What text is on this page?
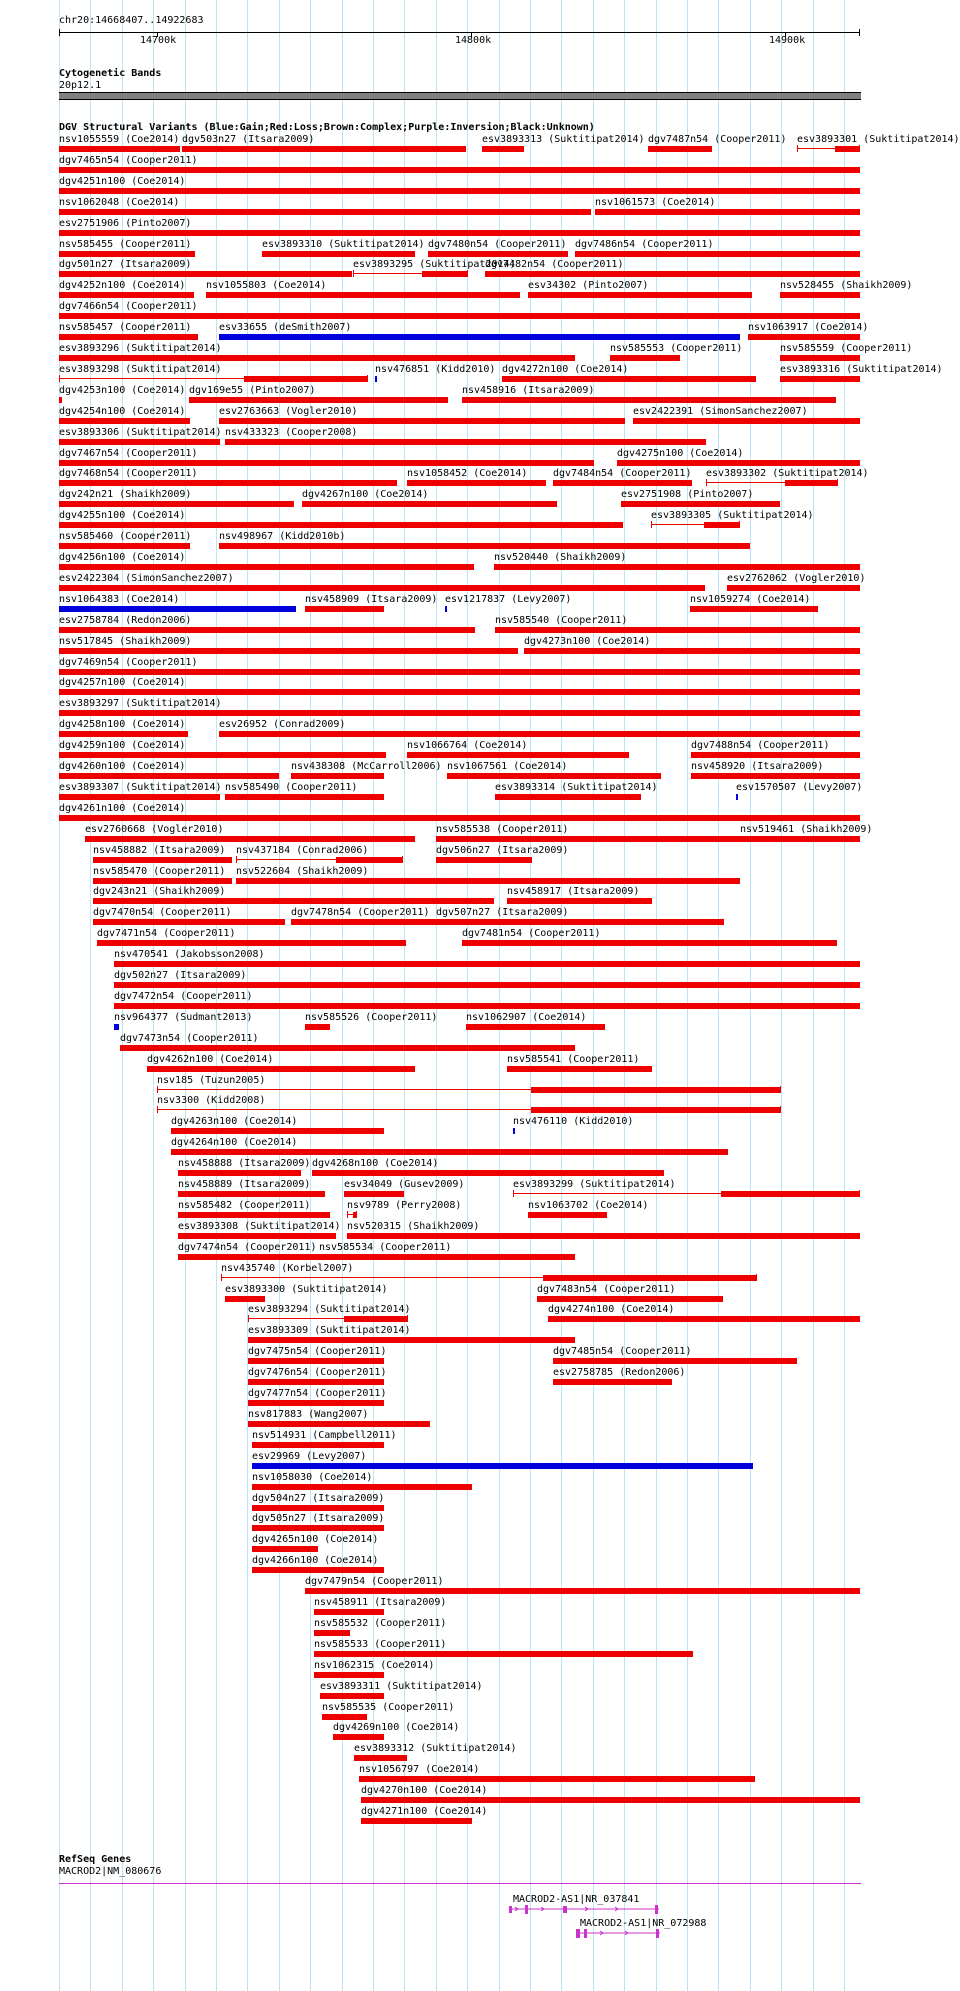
chr20:14668407..14922683
14700k	14800k	14900k
Cytogenetic Bands
20p12.1
DGV Structural Variants (Blue:Gain;Red:Loss;Brown:Complex;Purple:Inversion;Black:Unknown)
nsv1055559 (Coe2014) dgv503n27 (Itsara2009)	esv3893313 (Suktitipat2014) dgv7487n54 (Cooper2011) esv3893301 (Suktitipat2014)
dgv7465n54 (Cooper2011)
dgv4251n100 (Coe2014)
nsv1062048 (Coe2014)	nsv1061573 (Coe2014)
esv2751906 (Pinto2007)
nsv585455 (Cooper2011)	esv3893310 (Suktitipat2014) dgv7480n54 (Cooper2011) dgv7486n54 (Cooper2011)
dgv501n27 (Itsara2009)	esv3893295 (Suktitipat2014)
dgv7482n54 (Cooper2011)
dgv4252n100 (Coe2014) nsv1055803 (Coe2014)	esv34302 (Pinto2007)	nsv528455 (Shaikh2009)
dgv7466n54 (Cooper2011)
nsv585457 (Cooper2011)	esv33655 (deSmith2007)	nsv1063917 (Coe2014)
esv3893296 (Suktitipat2014)	nsv585553 (Cooper2011)	nsv585559 (Cooper2011)
esv3893298 (Suktitipat2014)	nsv476851 (Kidd2010) dgv4272n100 (Coe2014)	esv3893316 (Suktitipat2014)
dgv4253n100 (Coe2014) dgv169e55 (Pinto2007)	nsv458916 (Itsara2009)
dgv4254n100 (Coe2014)	esv2763663 (Vogler2010)	esv2422391 (SimonSanchez2007)
esv3893306 (Suktitipat2014) nsv433323 (Cooper2008)
dgv7467n54 (Cooper2011)	dgv4275n100 (Coe2014)
dgv7468n54 (Cooper2011)	nsv1058452 (Coe2014)	dgv7484n54 (Cooper2011) esv3893302 (Suktitipat2014)
dgv242n21 (Shaikh2009)	dgv4267n100 (Coe2014)	esv2751908 (Pinto2007)
dgv4255n100 (Coe2014)	esv3893305 (Suktitipat2014)
nsv585460 (Cooper2011)	nsv498967 (Kidd2010b)
dgv4256n100 (Coe2014)	nsv520440 (Shaikh2009)
esv2422304 (SimonSanchez2007)	esv2762062 (Vogler2010)
nsv1064383 (Coe2014)	nsv458909 (Itsara2009) esv1217837 (Levy2007)	nsv1059274 (Coe2014)
esv2758784 (Redon2006)	nsv585540 (Cooper2011)
nsv517845 (Shaikh2009)	dgv4273n100 (Coe2014)
dgv7469n54 (Cooper2011)
dgv4257n100 (Coe2014)
esv3893297 (Suktitipat2014)
dgv4258n100 (Coe2014)	esv26952 (Conrad2009)
dgv4259n100 (Coe2014)	nsv1066764 (Coe2014)	dgv7488n54 (Cooper2011)
dgv4260n100 (Coe2014)	nsv438308 (McCarroll2006) nsv1067561 (Coe2014)	nsv458920 (Itsara2009)
esv3893307 (Suktitipat2014) nsv585490 (Cooper2011)	esv3893314 (Suktitipat2014)	esv1570507 (Levy2007)
dgv4261n100 (Coe2014)
esv2760668 (Vogler2010)	nsv585538 (Cooper2011)	nsv519461 (Shaikh2009)
nsv458882 (Itsara2009) nsv437184 (Conrad2006)	dgv506n27 (Itsara2009)
nsv585470 (Cooper2011) nsv522604 (Shaikh2009)
dgv243n21 (Shaikh2009)	nsv458917 (Itsara2009)
dgv7470n54 (Cooper2011)	dgv7478n54 (Cooper2011) dgv507n27 (Itsara2009)
dgv7471n54 (Cooper2011)	dgv7481n54 (Cooper2011)
nsv470541 (Jakobsson2008)
dgv502n27 (Itsara2009)
dgv7472n54 (Cooper2011)
nsv964377 (Sudmant2013)	nsv585526 (Cooper2011)	nsv1062907 (Coe2014)
dgv7473n54 (Cooper2011)
dgv4262n100 (Coe2014)	nsv585541 (Cooper2011)
nsv185 (Tuzun2005)
nsv3300 (Kidd2008)
dgv4263n100 (Coe2014)	nsv476110 (Kidd2010)
dgv4264n100 (Coe2014)
nsv458888 (Itsara2009) dgv4268n100 (Coe2014)
nsv458889 (Itsara2009)	esv34049 (Gusev2009)	esv3893299 (Suktitipat2014)
nsv585482 (Cooper2011)	nsv9789 (Perry2008)	nsv1063702 (Coe2014)
esv3893308 (Suktitipat2014) nsv520315 (Shaikh2009)
dgv7474n54 (Cooper2011) nsv585534 (Cooper2011)
nsv435740 (Korbel2007)
esv3893300 (Suktitipat2014)	dgv7483n54 (Cooper2011)
esv3893294 (Suktitipat2014)	dgv4274n100 (Coe2014)
esv3893309 (Suktitipat2014)
dgv7475n54 (Cooper2011)	dgv7485n54 (Cooper2011)
dgv7476n54 (Cooper2011)	esv2758785 (Redon2006)
dgv7477n54 (Cooper2011)
nsv817883 (Wang2007)
nsv514931 (Campbell2011)
esv29969 (Levy2007)
nsv1058030 (Coe2014)
dgv504n27 (Itsara2009)
dgv505n27 (Itsara2009)
dgv4265n100 (Coe2014)
dgv4266n100 (Coe2014)
dgv7479n54 (Cooper2011)
nsv458911 (Itsara2009)
nsv585532 (Cooper2011)
nsv585533 (Cooper2011)
nsv1062315 (Coe2014)
esv3893311 (Suktitipat2014)
nsv585535 (Cooper2011)
dgv4269n100 (Coe2014)
esv3893312 (Suktitipat2014)
nsv1056797 (Coe2014)
dgv4270n100 (Coe2014)
dgv4271n100 (Coe2014)
RefSeq Genes
MACROD2|NM_080676
MACROD2-AS1|NR_037841
MACROD2-AS1|NR_072988
